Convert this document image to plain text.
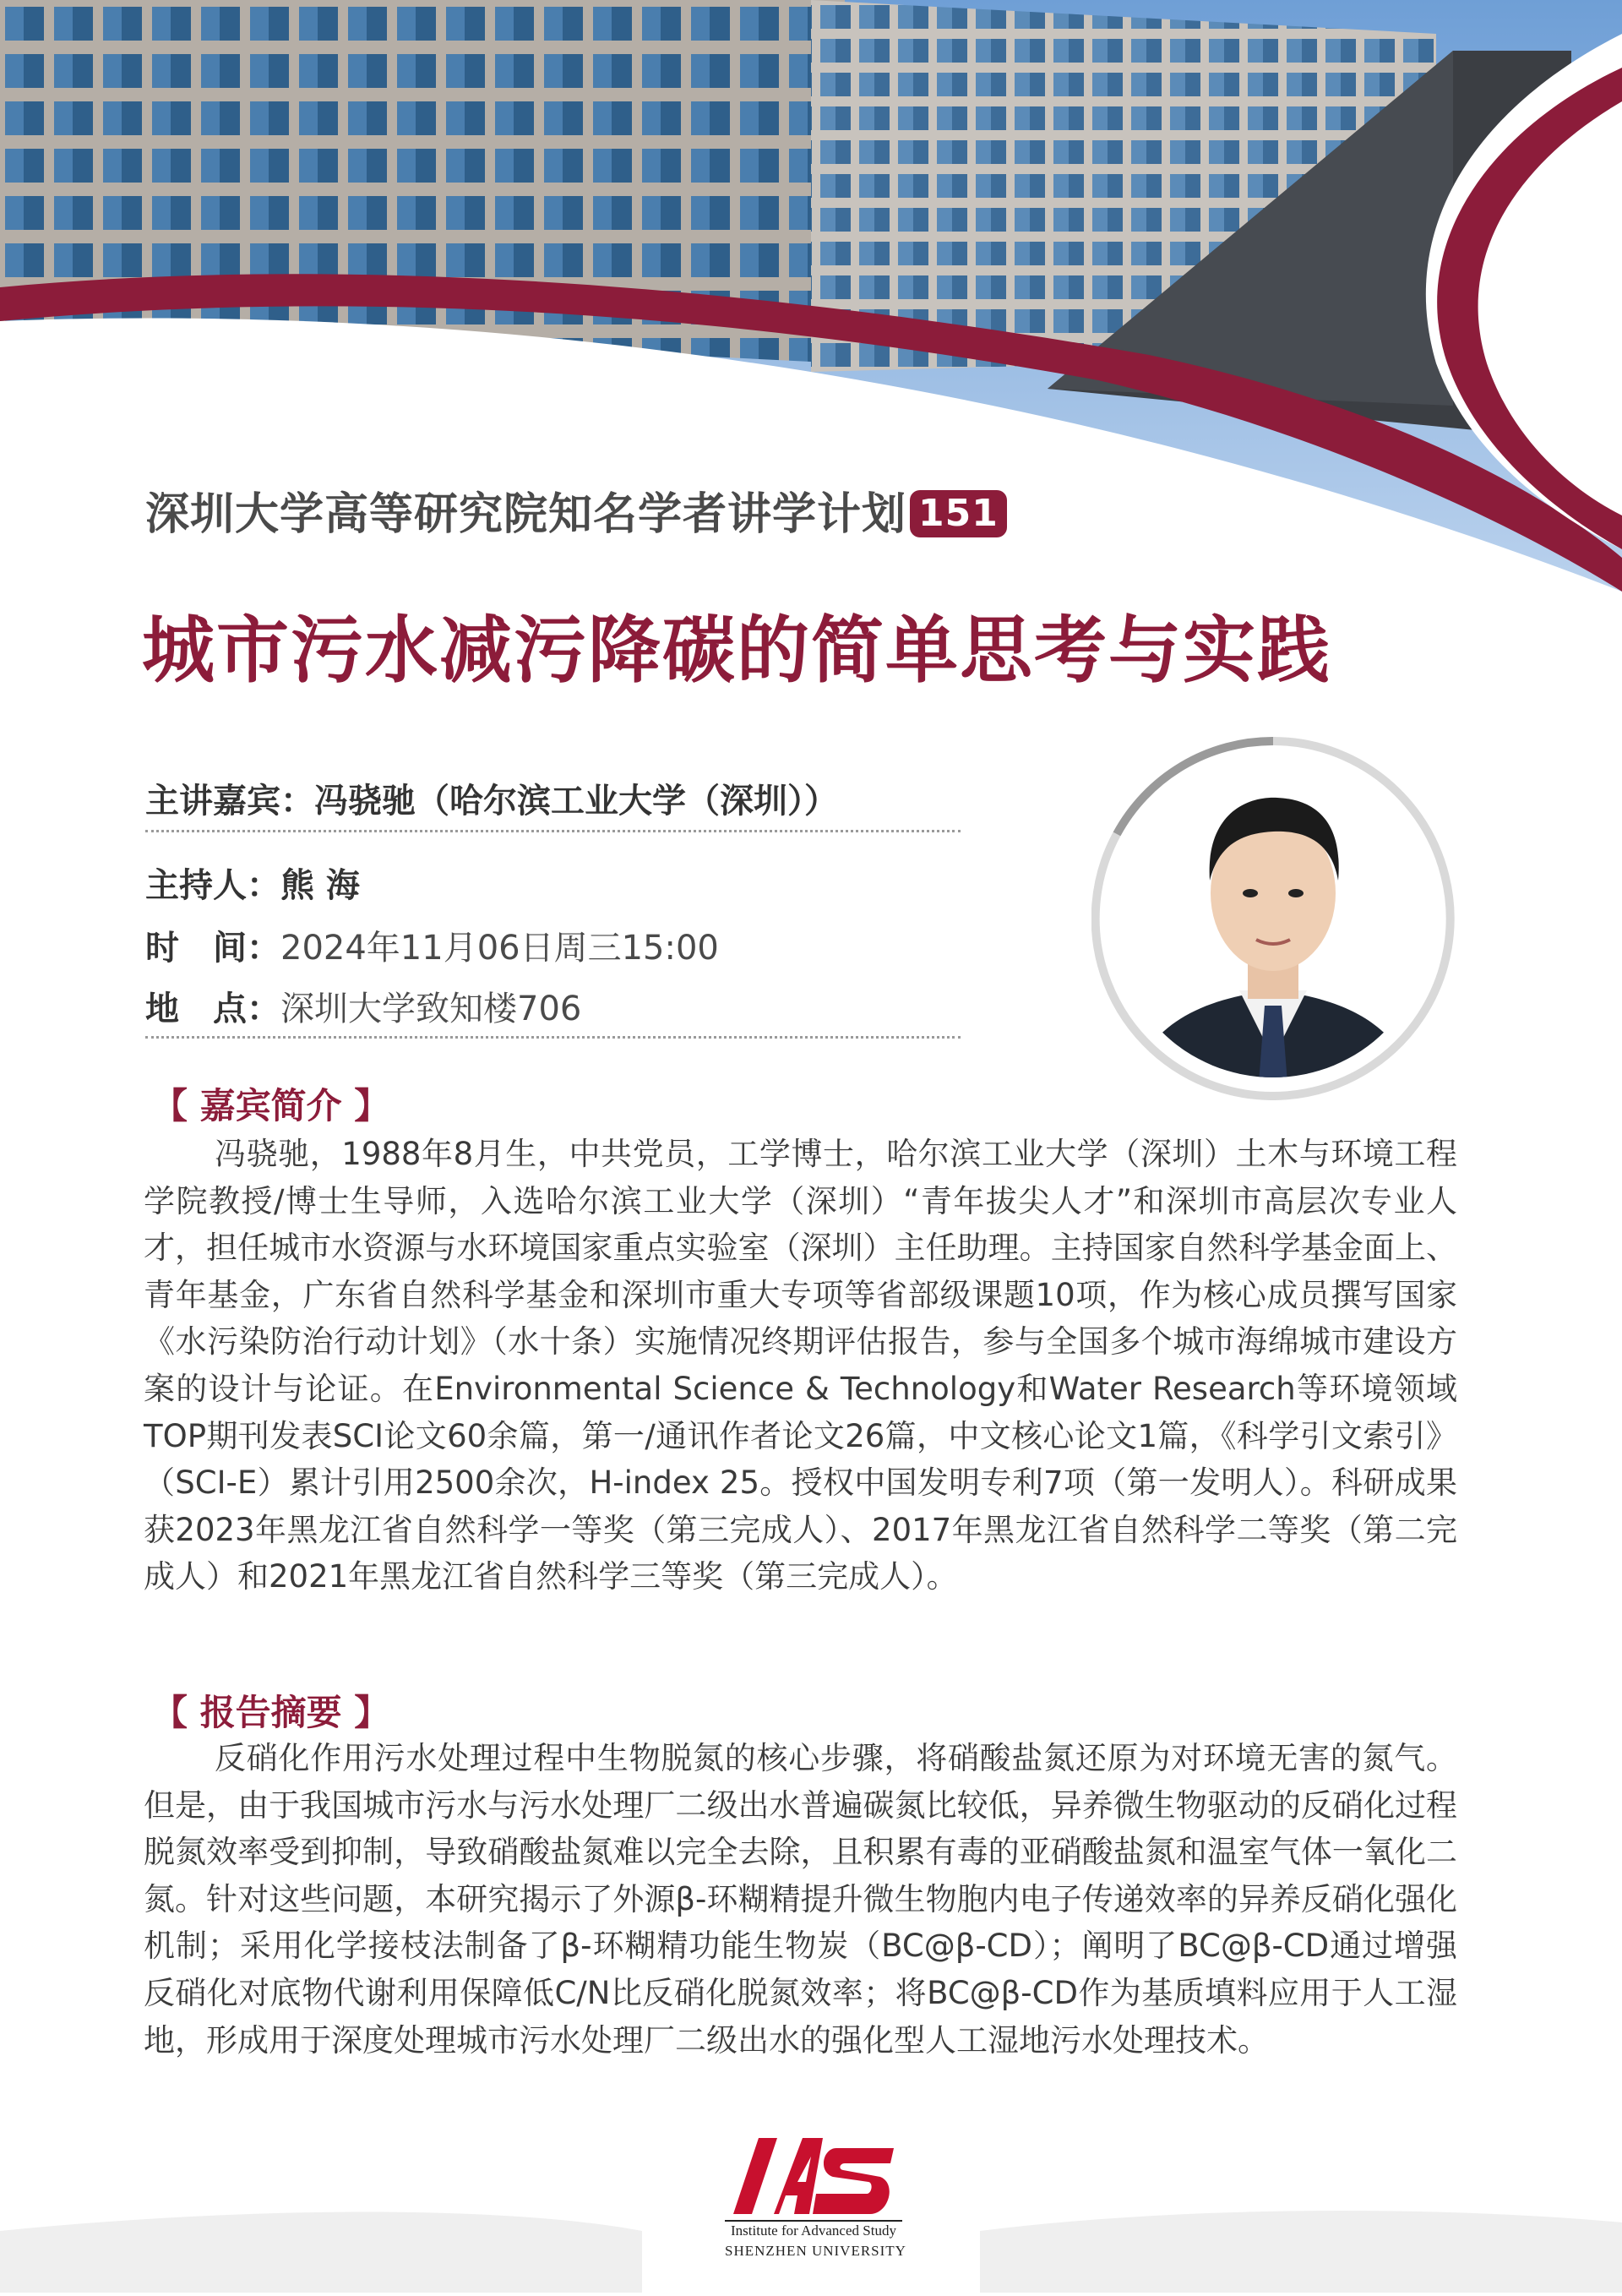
深圳大学高等研究院知名学者讲学计划 151
城市污水减污降碳的简单思考与实践
主讲嘉宾：冯骁驰（哈尔滨工业大学（深圳））
主持人：熊 海
时　间：2024年11月06日周三15:00
地　点：深圳大学致知楼706
【 嘉宾简介 】
冯骁驰，1988年8月生，中共党员，工学博士，哈尔滨工业大学（深圳）土木与环境工程学院教授/博士生导师，入选哈尔滨工业大学（深圳）“青年拔尖人才”和深圳市高层次专业人才，担任城市水资源与水环境国家重点实验室（深圳）主任助理。主持国家自然科学基金面上、青年基金，广东省自然科学基金和深圳市重大专项等省部级课题10项，作为核心成员撰写国家《水污染防治行动计划》（水十条）实施情况终期评估报告，参与全国多个城市海绵城市建设方案的设计与论证。在Environmental Science & Technology和Water Research等环境领域TOP期刊发表SCI论文60余篇，第一/通讯作者论文26篇，中文核心论文1篇，《科学引文索引》（SCI-E）累计引用2500余次，H-index 25。授权中国发明专利7项（第一发明人）。科研成果获2023年黑龙江省自然科学一等奖（第三完成人）、2017年黑龙江省自然科学二等奖（第二完成人）和2021年黑龙江省自然科学三等奖（第三完成人）。
【 报告摘要 】
反硝化作用污水处理过程中生物脱氮的核心步骤，将硝酸盐氮还原为对环境无害的氮气。但是，由于我国城市污水与污水处理厂二级出水普遍碳氮比较低，异养微生物驱动的反硝化过程脱氮效率受到抑制，导致硝酸盐氮难以完全去除，且积累有毒的亚硝酸盐氮和温室气体一氧化二氮。针对这些问题，本研究揭示了外源β-环糊精提升微生物胞内电子传递效率的异养反硝化强化机制；采用化学接枝法制备了β-环糊精功能生物炭（BC@β-CD）；阐明了BC@β-CD通过增强反硝化对底物代谢利用保障低C/N比反硝化脱氮效率；将BC@β-CD作为基质填料应用于人工湿地，形成用于深度处理城市污水处理厂二级出水的强化型人工湿地污水处理技术。
Institute for Advanced Study
SHENZHEN UNIVERSITY
